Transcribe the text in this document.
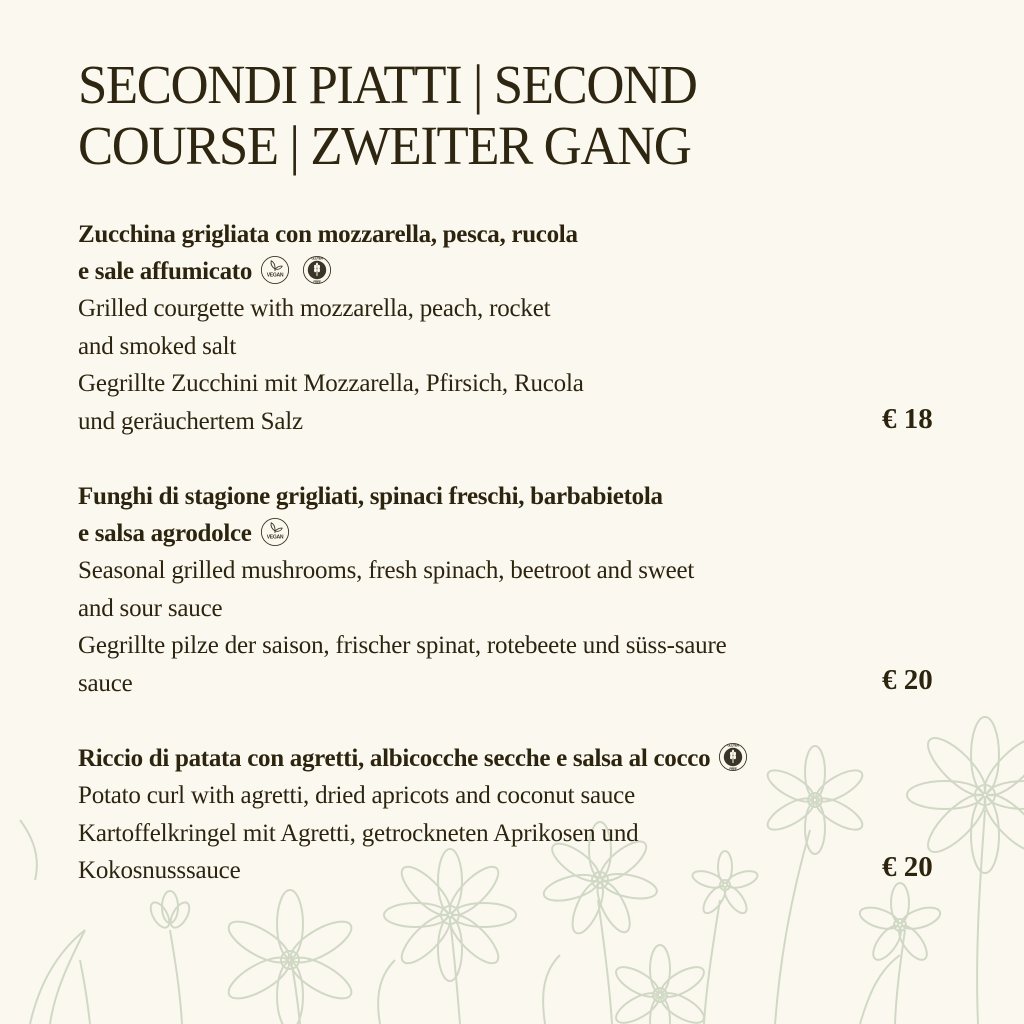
SECONDI PIATTI | SECOND
COURSE | ZWEITER GANG
Zucchina grigliata con mozzarella, pesca, rucola
e sale affumicato
Grilled courgette with mozzarella, peach, rocket
and smoked salt
Gegrillte Zucchini mit Mozzarella, Pfirsich, Rucola
und geräuchertem Salz	€ 18
Funghi di stagione grigliati, spinaci freschi, barbabietola
e salsa agrodolce
Seasonal grilled mushrooms, fresh spinach, beetroot and sweet
and sour sauce
Gegrillte pilze der saison, frischer spinat, rotebeete und süss-saure
sauce	€ 20
Riccio di patata con agretti, albicocche secche e salsa al cocco
Potato curl with agretti, dried apricots and coconut sauce
Kartoffelkringel mit Agretti, getrockneten Aprikosen und
Kokosnusssauce	€ 20
